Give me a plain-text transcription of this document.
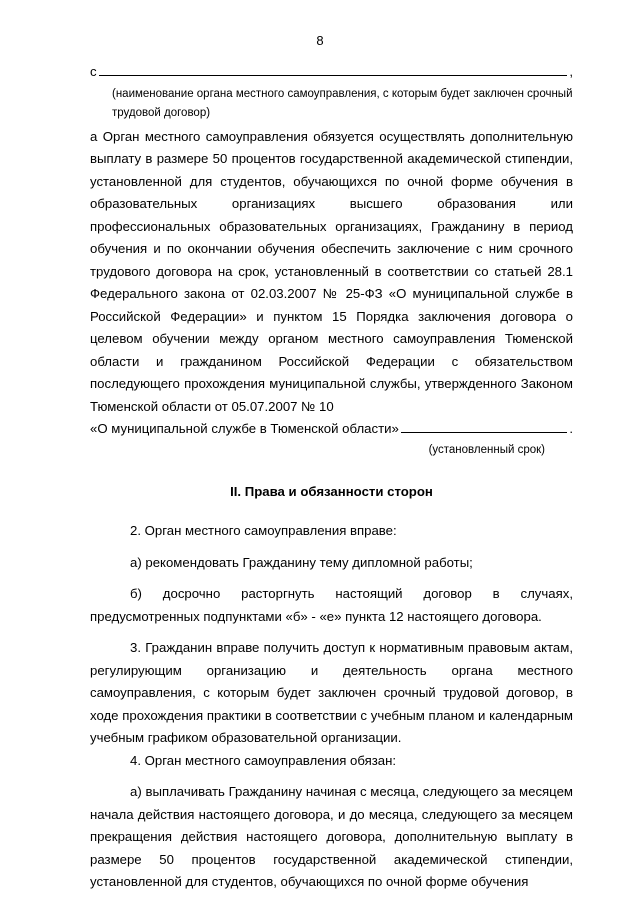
8
с	,
(наименование органа местного самоуправления, с которым будет заключен срочный трудовой договор)

а Орган местного самоуправления обязуется осуществлять дополнительную выплату в размере 50 процентов государственной академической стипендии, установленной для студентов, обучающихся по очной форме обучения в образовательных организациях высшего образования или профессиональных образовательных организациях, Гражданину в период обучения и по окончании обучения обеспечить заключение с ним срочного трудового договора на срок, установленный в соответствии со статьей 28.1 Федерального закона от 02.03.2007 № 25-ФЗ «О муниципальной службе в Российской Федерации» и пунктом 15 Порядка заключения договора о целевом обучении между органом местного самоуправления Тюменской области и гражданином Российской Федерации с обязательством последующего прохождения муниципальной службы, утвержденного Законом Тюменской области от 05.07.2007 № 10

«О муниципальной службе в Тюменской области»	.
(установленный срок)
II. Права и обязанности сторон

2. Орган местного самоуправления вправе:

а) рекомендовать Гражданину тему дипломной работы;

б) досрочно расторгнуть настоящий договор в случаях, предусмотренных подпунктами «б» - «е» пункта 12 настоящего договора.

3. Гражданин вправе получить доступ к нормативным правовым актам, регулирующим организацию и деятельность органа местного самоуправления, с которым будет заключен срочный трудовой договор, в ходе прохождения практики в соответствии с учебным планом и календарным учебным графиком образовательной организации.

4. Орган местного самоуправления обязан:

а) выплачивать Гражданину начиная с месяца, следующего за месяцем начала действия настоящего договора, и до месяца, следующего за месяцем прекращения действия настоящего договора, дополнительную выплату в размере 50 процентов государственной академической стипендии, установленной для студентов, обучающихся по очной форме обучения
